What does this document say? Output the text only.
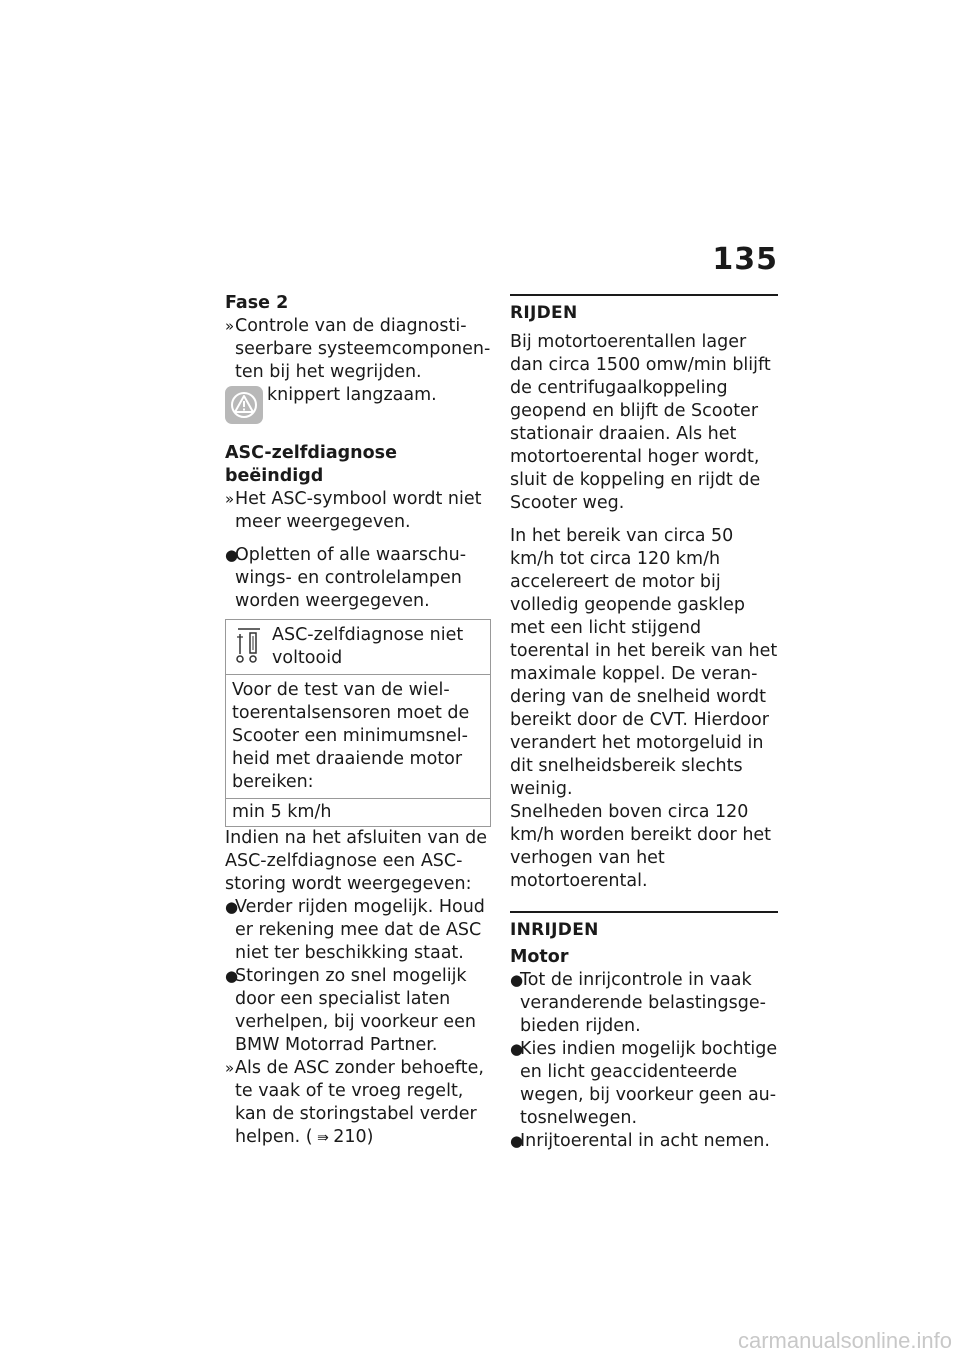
135

Fase 2

» Controle van de diagnostiseerbare systeemcomponenten bij het wegrijden.

knippert langzaam.

ASC-zelfdiagnose beëindigd

» Het ASC-symbool wordt niet meer weergegeven.

●
Opletten of alle waarschuwings- en controlelampen worden weergegeven.

ASC-zelfdiagnose niet voltooid
Voor de test van de wieltoerentalsensoren moet de Scooter een minimumsnelheid met draaiende motor bereiken:
min 5 km/h

Indien na het afsluiten van de ASC-zelfdiagnose een ASC-storing wordt weergegeven:

●
Verder rijden mogelijk. Houd er rekening mee dat de ASC niet ter beschikking staat.

●
Storingen zo snel mogelijk door een specialist laten verhelpen, bij voorkeur een BMW Motorrad Partner.

» Als de ASC zonder behoefte, te vaak of te vroeg regelt, kan de storingstabel verder helpen. ( ⇛ 210)

RIJDEN

Bij motortoerentallen lager dan circa 1500 omw/min blijft de centrifugaalkoppeling geopend en blijft de Scooter stationair draaien. Als het motortoerental hoger wordt, sluit de koppeling en rijdt de Scooter weg.

In het bereik van circa 50 km/h tot circa 120 km/h accelereert de motor bij volledig geopende gasklep met een licht stijgend toerental in het bereik van het maximale koppel. De verandering van de snelheid wordt bereikt door de CVT. Hierdoor verandert het motorgeluid in dit snelheidsbereik slechts weinig.

Snelheden boven circa 120 km/h worden bereikt door het verhogen van het motortoerental.

INRIJDEN

Motor

●
Tot de inrijcontrole in vaak veranderende belastingsgebieden rijden.

●
Kies indien mogelijk bochtige en licht geaccidenteerde wegen, bij voorkeur geen autosnelwegen.

●
Inrijtoerental in acht nemen.

carmanualsonline.info
